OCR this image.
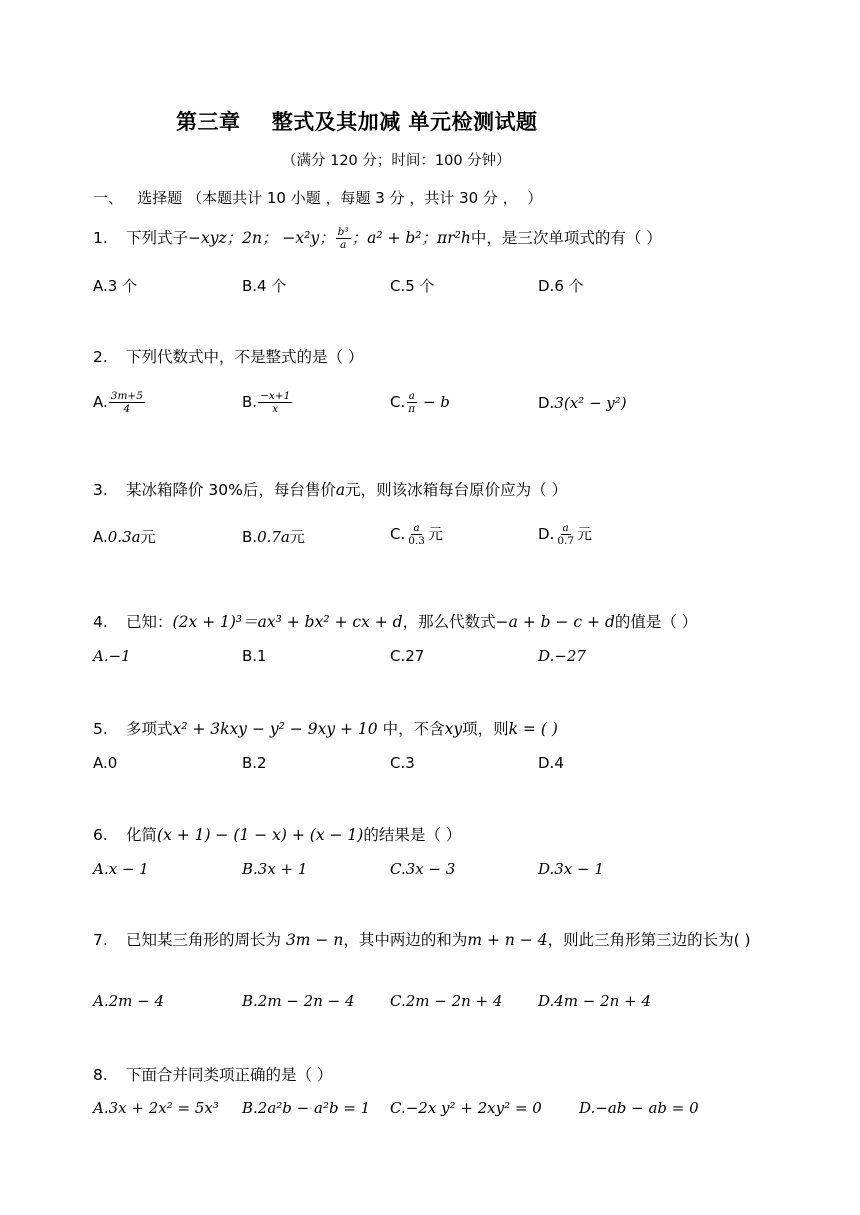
第三章    整式及其加减 单元检测试题
（满分 120 分；时间：100 分钟）
一、   选择题 （本题共计 10 小题 ，每题 3 分 ，共计 30 分 ，  ）
1. 下列式子−xyz；2n； −x²y； $\frac{\text{b³}}{a}$ ；a² + b²；πr²h中，是三次单项式的有（ ）
A.3 个	B.4 个	C.5 个	D.6 个
2. 下列代数式中，不是整式的是（ ）
A. $\frac{3m+5}{4}$	B. $\frac{-x+1}{x}$	C. $\frac{a}{\pi} - b$	D.3(x² − y²)
3. 某冰箱降价 30%后，每台售价a元，则该冰箱每台原价应为（ ）
A.0.3a元	B.0.7a元	C. $\frac{a}{0.3}$ 元	D. $\frac{a}{0.7}$ 元
4. 已知：(2x + 1)³＝ax³ + bx² + cx + d，那么代数式−a + b − c + d的值是（ ）
A.−1	B.1	C.27	D.−27
5. 多项式x² + 3kxy − y² − 9xy + 10 中，不含xy项，则k = ( )
A.0	B.2	C.3	D.4
6. 化简(x + 1) − (1 − x) + (x − 1)的结果是（ ）
A.x − 1	B.3x + 1	C.3x − 3	D.3x − 1
7. 已知某三角形的周长为 3m − n，其中两边的和为m + n − 4，则此三角形第三边的长为( )
A.2m − 4	B.2m − 2n − 4 C.2m − 2n + 4 D.4m − 2n + 4
8. 下面合并同类项正确的是（ ）
A.3x + 2x² = 5x³ B.2a²b − a²b = 1 C.−2x y² + 2xy² = 0 D.−ab − ab = 0
